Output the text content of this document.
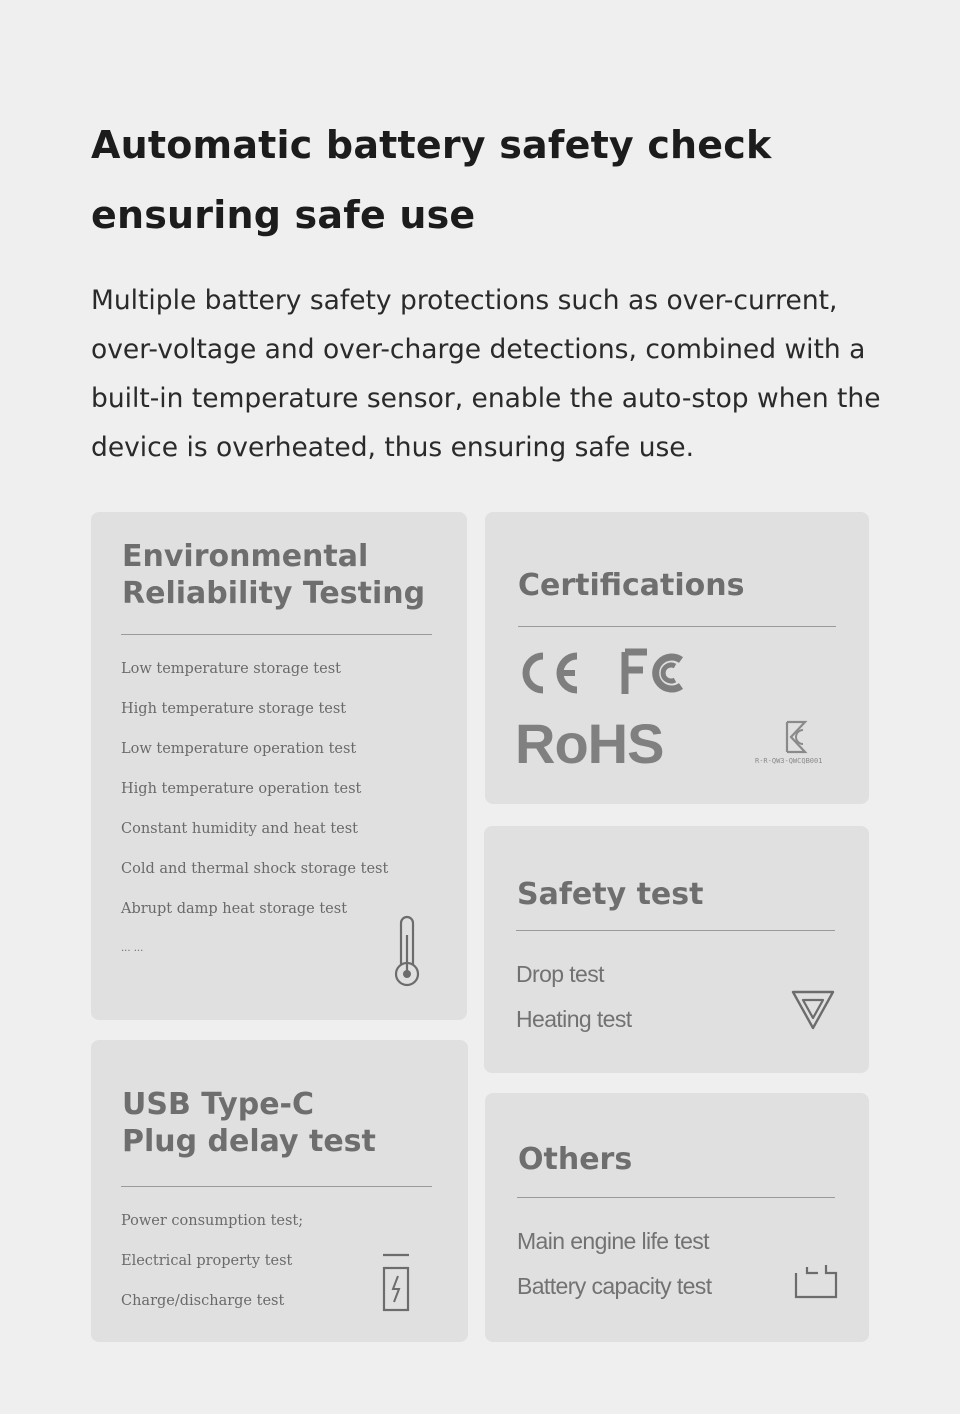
Automatic battery safety check
ensuring safe use

Multiple battery safety protections such as over-current, over-voltage and over-charge detections, combined with a built-in temperature sensor, enable the auto-stop when the device is overheated, thus ensuring safe use.

Environmental
Reliability Testing
Low temperature storage test
High temperature storage test
Low temperature operation test
High temperature operation test
Constant humidity and heat test
Cold and thermal shock storage test
Abrupt damp heat storage test
... ...
Certifications
RoHS	R-R-QW3-QWCQB001
Safety test
Drop test
Heating test
USB Type-C
Plug delay test
Power consumption test;
Electrical property test
Charge/discharge test
Others
Main engine life test
Battery capacity test
